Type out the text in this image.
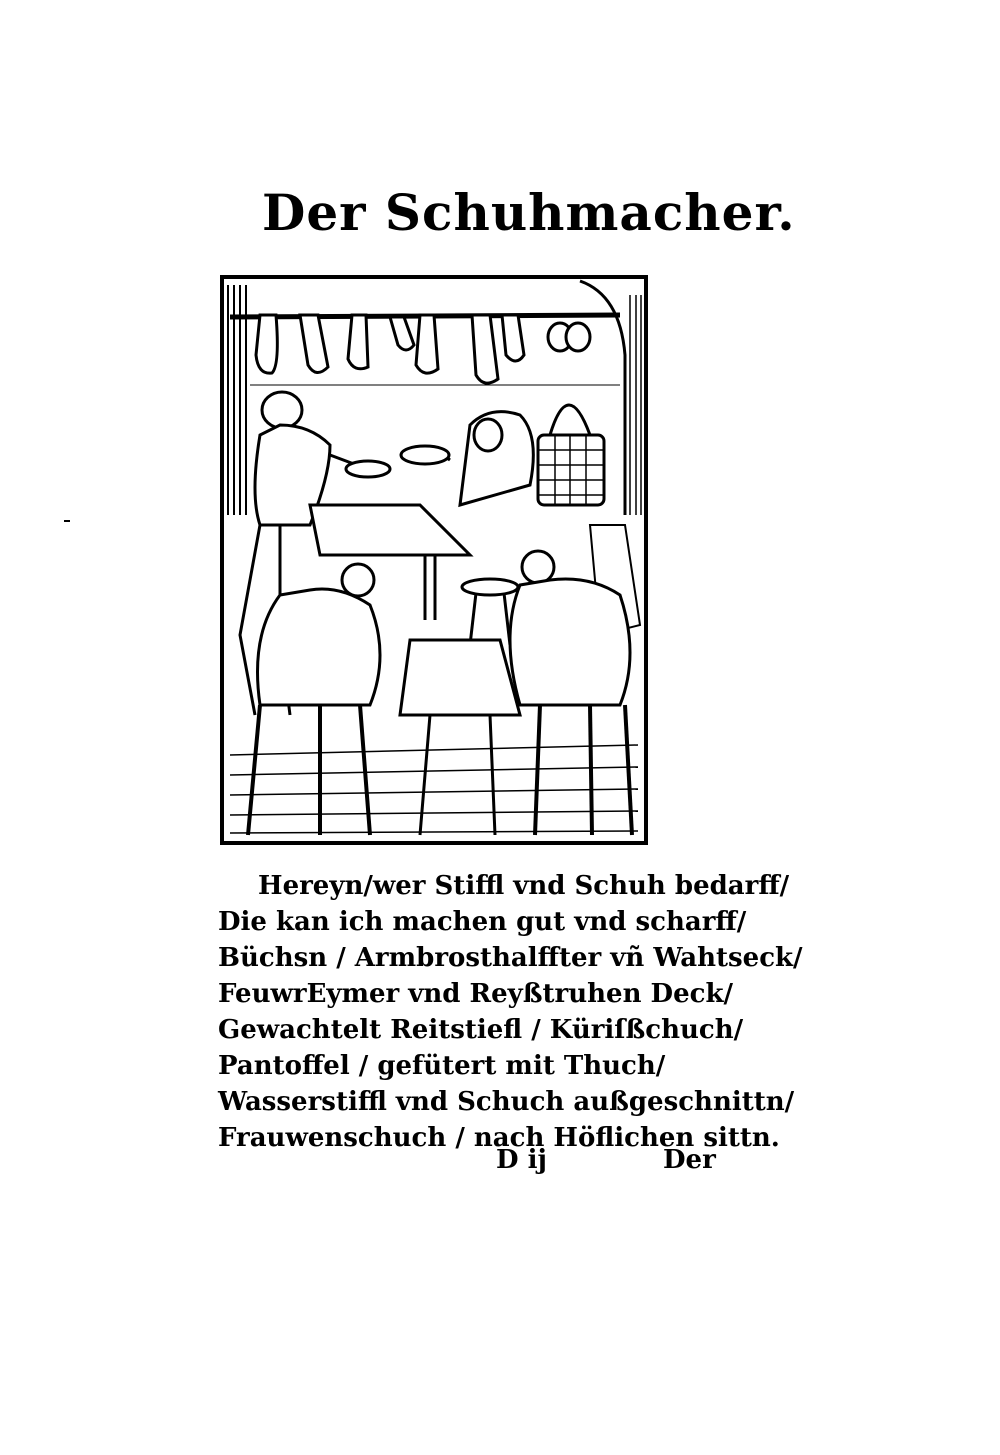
Der Schuhmacher.
Hereyn/wer Stiffl vnd Schuh bedarff/
Die kan ich machen gut vnd scharff/
Büchsn / Armbrosthalffter vñ Wahtseck/
FeuwrEymer vnd Reyßtruhen Deck/
Gewachtelt Reitstiefl / Küriſßchuch/
Pantoffel / gefütert mit Thuch/
Wasserstiffl vnd Schuch außgeschnittn/
Frauwenschuch / nach Höflichen sittn.
D ij	Der
